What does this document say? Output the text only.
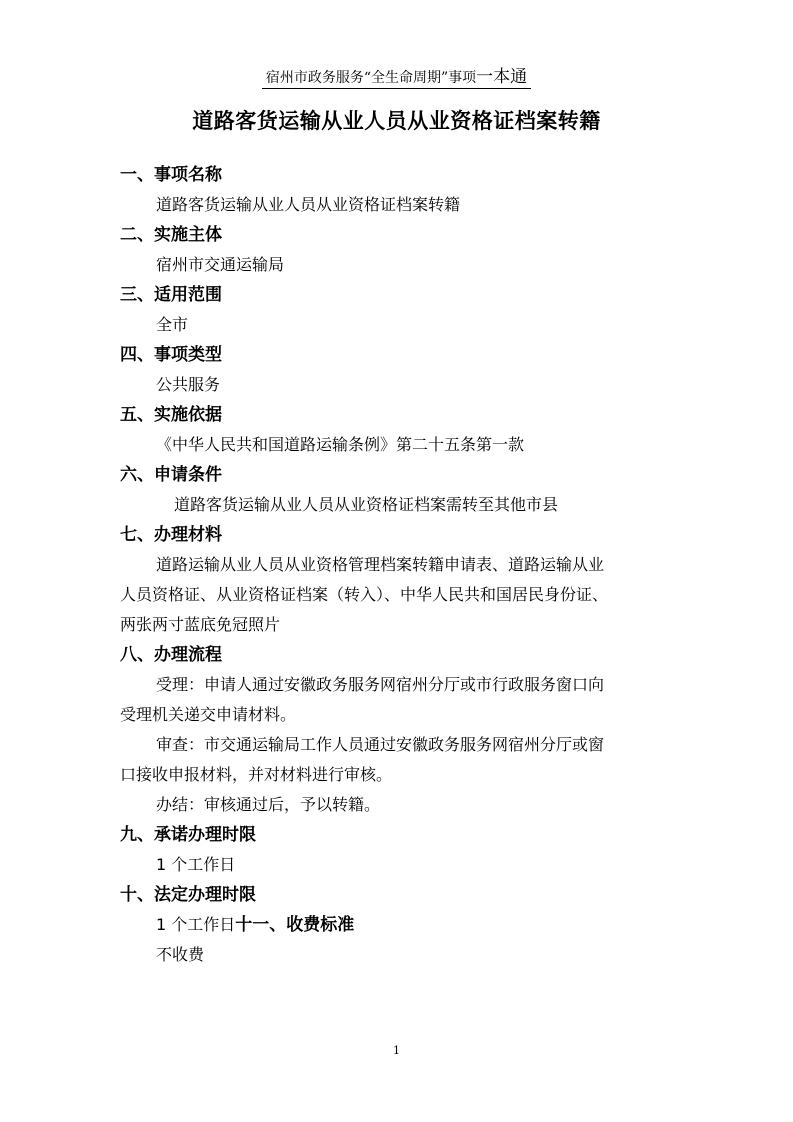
宿州市政务服务“全生命周期”事项一本通
道路客货运输从业人员从业资格证档案转籍
一、事项名称
道路客货运输从业人员从业资格证档案转籍
二、实施主体
宿州市交通运输局
三、适用范围
全市
四、事项类型
公共服务
五、实施依据
《中华人民共和国道路运输条例》第二十五条第一款
六、申请条件
道路客货运输从业人员从业资格证档案需转至其他市县
七、办理材料
道路运输从业人员从业资格管理档案转籍申请表、道路运输从业
人员资格证、从业资格证档案（转入）、中华人民共和国居民身份证、
两张两寸蓝底免冠照片
八、办理流程
受理：申请人通过安徽政务服务网宿州分厅或市行政服务窗口向
受理机关递交申请材料。
审查：市交通运输局工作人员通过安徽政务服务网宿州分厅或窗
口接收申报材料，并对材料进行审核。
办结：审核通过后，予以转籍。
九、承诺办理时限
1 个工作日
十、法定办理时限
1 个工作日十一、收费标准
不收费
1
